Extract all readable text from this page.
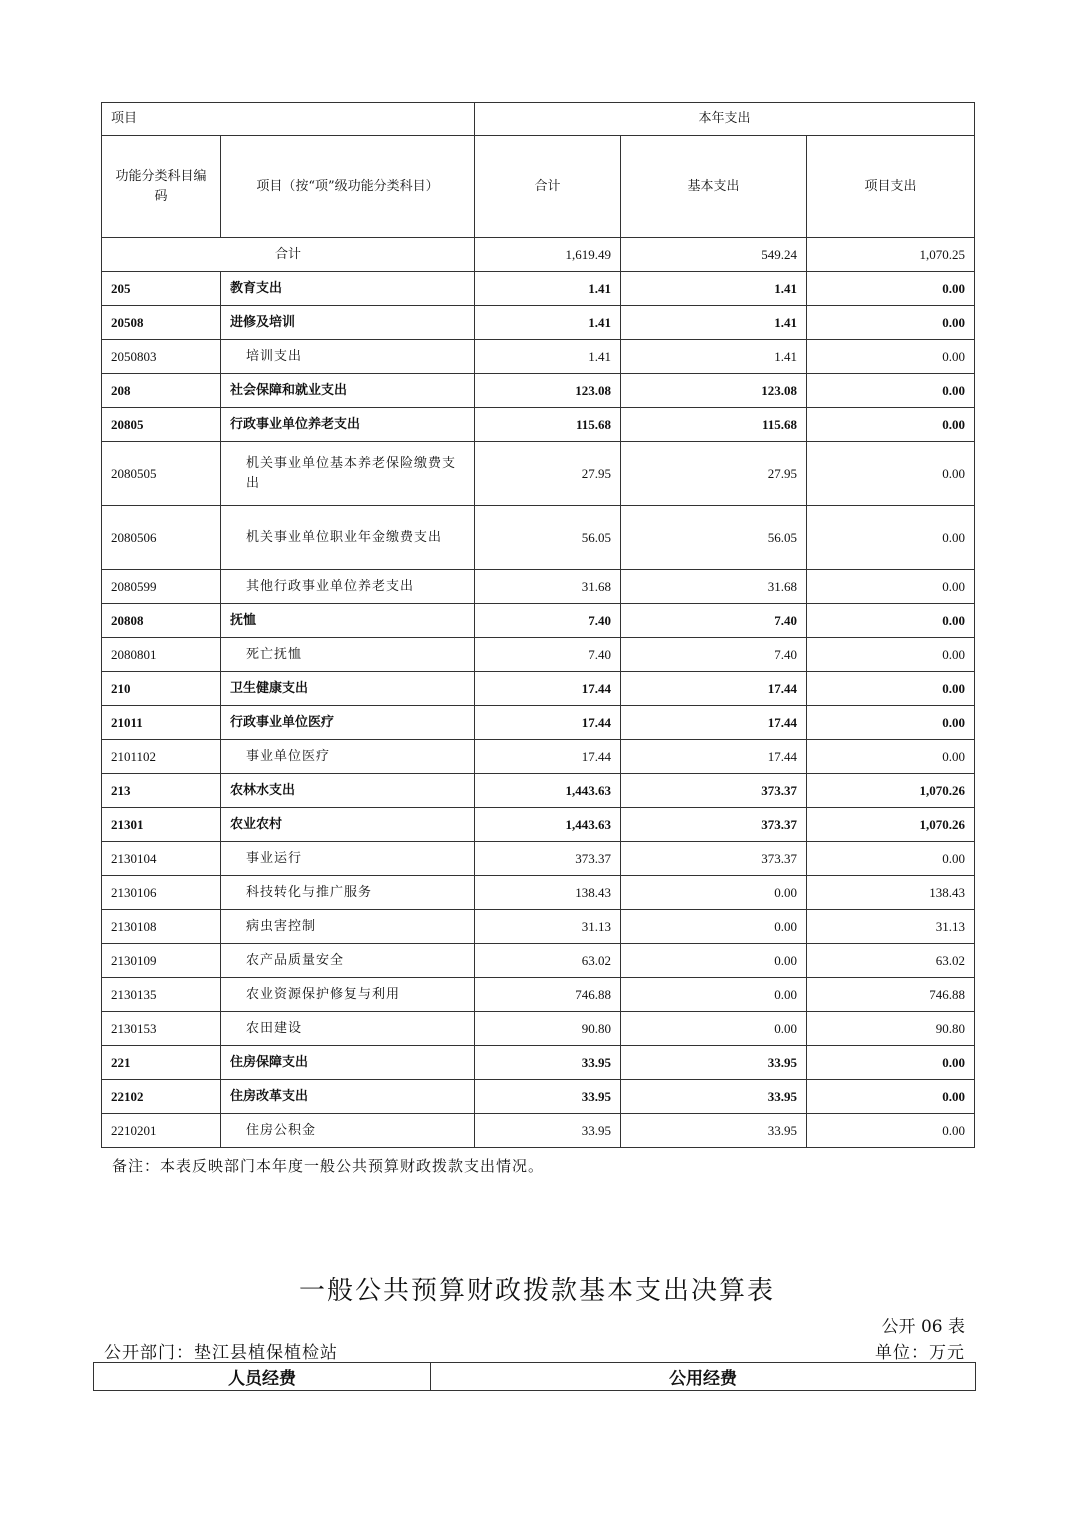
项目		本年支出		
功能分类科目编码	项目（按“项”级功能分类科目）	合计	基本支出	项目支出
合计		1,619.49	549.24	1,070.25
205	教育支出	1.41	1.41	0.00
20508	进修及培训	1.41	1.41	0.00
2050803	培训支出	1.41	1.41	0.00
208	社会保障和就业支出	123.08	123.08	0.00
20805	行政事业单位养老支出	115.68	115.68	0.00
2080505	机关事业单位基本养老保险缴费支出	27.95	27.95	0.00
2080506	机关事业单位职业年金缴费支出	56.05	56.05	0.00
2080599	其他行政事业单位养老支出	31.68	31.68	0.00
20808	抚恤	7.40	7.40	0.00
2080801	死亡抚恤	7.40	7.40	0.00
210	卫生健康支出	17.44	17.44	0.00
21011	行政事业单位医疗	17.44	17.44	0.00
2101102	事业单位医疗	17.44	17.44	0.00
213	农林水支出	1,443.63	373.37	1,070.26
21301	农业农村	1,443.63	373.37	1,070.26
2130104	事业运行	373.37	373.37	0.00
2130106	科技转化与推广服务	138.43	0.00	138.43
2130108	病虫害控制	31.13	0.00	31.13
2130109	农产品质量安全	63.02	0.00	63.02
2130135	农业资源保护修复与利用	746.88	0.00	746.88
2130153	农田建设	90.80	0.00	90.80
221	住房保障支出	33.95	33.95	0.00
22102	住房改革支出	33.95	33.95	0.00
2210201	住房公积金	33.95	33.95	0.00
备注：本表反映部门本年度一般公共预算财政拨款支出情况。
一般公共预算财政拨款基本支出决算表
公开 06 表
公开部门：垫江县植保植检站	单位：万元
人员经费	公用经费
